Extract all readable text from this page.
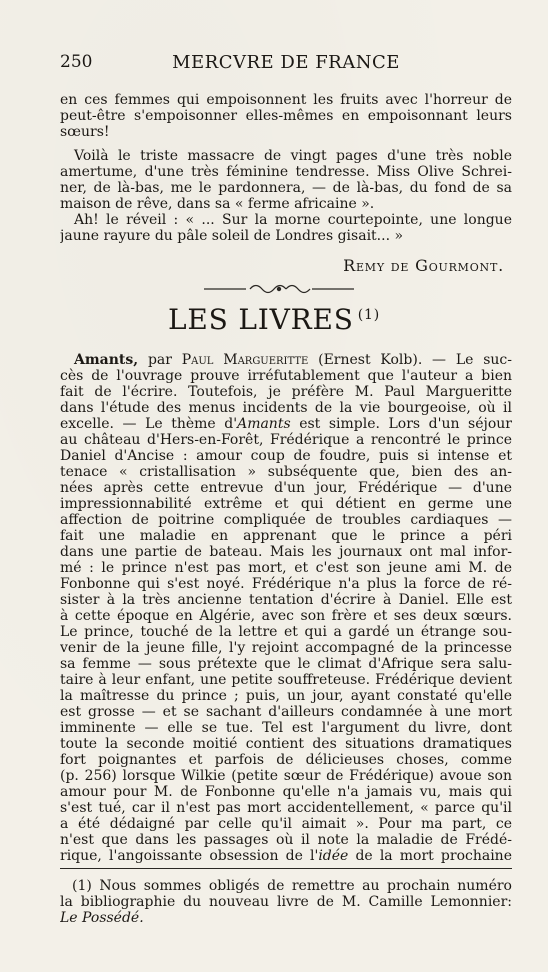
250	MERCVRE DE FRANCE
en ces femmes qui empoisonnent les fruits avec l'horreur de
peut-être s'empoisonner elles-mêmes en empoisonnant leurs
sœurs!
Voilà le triste massacre de vingt pages d'une très noble
amertume, d'une très féminine tendresse. Miss Olive Schrei-
ner, de là-bas, me le pardonnera, — de là-bas, du fond de sa
maison de rêve, dans sa « ferme africaine ».
Ah! le réveil : « ... Sur la morne courtepointe, une longue
jaune rayure du pâle soleil de Londres gisait... »
Remy de Gourmont.
LES LIVRES $^{(1)}$
Amants, par Paul Margueritte (Ernest Kolb). — Le suc-
cès de l'ouvrage prouve irréfutablement que l'auteur a bien
fait de l'écrire. Toutefois, je préfère M. Paul Margueritte
dans l'étude des menus incidents de la vie bourgeoise, où il
excelle. — Le thème d'Amants est simple. Lors d'un séjour
au château d'Hers-en-Forêt, Frédérique a rencontré le prince
Daniel d'Ancise : amour coup de foudre, puis si intense et
tenace « cristallisation » subséquente que, bien des an-
nées après cette entrevue d'un jour, Frédérique — d'une
impressionnabilité extrême et qui détient en germe une
affection de poitrine compliquée de troubles cardiaques —
fait une maladie en apprenant que le prince a péri
dans une partie de bateau. Mais les journaux ont mal infor-
mé : le prince n'est pas mort, et c'est son jeune ami M. de
Fonbonne qui s'est noyé. Frédérique n'a plus la force de ré-
sister à la très ancienne tentation d'écrire à Daniel. Elle est
à cette époque en Algérie, avec son frère et ses deux sœurs.
Le prince, touché de la lettre et qui a gardé un étrange sou-
venir de la jeune fille, l'y rejoint accompagné de la princesse
sa femme — sous prétexte que le climat d'Afrique sera salu-
taire à leur enfant, une petite souffreteuse. Frédérique devient
la maîtresse du prince ; puis, un jour, ayant constaté qu'elle
est grosse — et se sachant d'ailleurs condamnée à une mort
imminente — elle se tue. Tel est l'argument du livre, dont
toute la seconde moitié contient des situations dramatiques
fort poignantes et parfois de délicieuses choses, comme
(p. 256) lorsque Wilkie (petite sœur de Frédérique) avoue son
amour pour M. de Fonbonne qu'elle n'a jamais vu, mais qui
s'est tué, car il n'est pas mort accidentellement, « parce qu'il
a été dédaigné par celle qu'il aimait ». Pour ma part, ce
n'est que dans les passages où il note la maladie de Frédé-
rique, l'angoissante obsession de l'idée de la mort prochaine
(1) Nous sommes obligés de remettre au prochain numéro
la bibliographie du nouveau livre de M. Camille Lemonnier:
Le Possédé.
